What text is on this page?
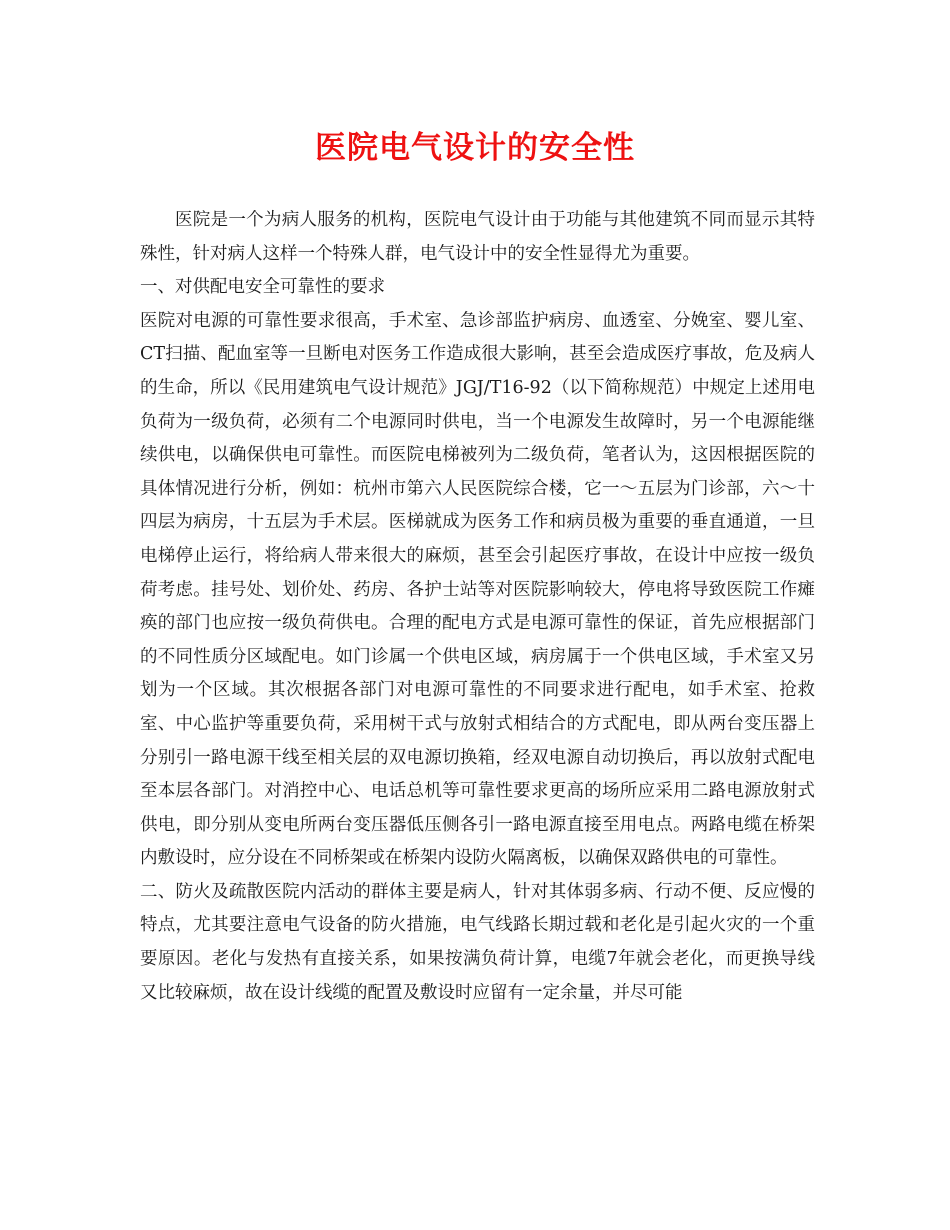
医院电气设计的安全性

医院是一个为病人服务的机构，医院电气设计由于功能与其他建筑不同而显示其特殊性，针对病人这样一个特殊人群，电气设计中的安全性显得尤为重要。

一、对供配电安全可靠性的要求

医院对电源的可靠性要求很高，手术室、急诊部监护病房、血透室、分娩室、婴儿室、CT扫描、配血室等一旦断电对医务工作造成很大影响，甚至会造成医疗事故，危及病人的生命，所以《民用建筑电气设计规范》JGJ/T16-92（以下简称规范）中规定上述用电负荷为一级负荷，必须有二个电源同时供电，当一个电源发生故障时，另一个电源能继续供电，以确保供电可靠性。而医院电梯被列为二级负荷，笔者认为，这因根据医院的具体情况进行分析，例如：杭州市第六人民医院综合楼，它一～五层为门诊部，六～十四层为病房，十五层为手术层。医梯就成为医务工作和病员极为重要的垂直通道，一旦电梯停止运行，将给病人带来很大的麻烦，甚至会引起医疗事故，在设计中应按一级负荷考虑。挂号处、划价处、药房、各护士站等对医院影响较大，停电将导致医院工作瘫痪的部门也应按一级负荷供电。合理的配电方式是电源可靠性的保证，首先应根据部门的不同性质分区域配电。如门诊属一个供电区域，病房属于一个供电区域，手术室又另划为一个区域。其次根据各部门对电源可靠性的不同要求进行配电，如手术室、抢救室、中心监护等重要负荷，采用树干式与放射式相结合的方式配电，即从两台变压器上分别引一路电源干线至相关层的双电源切换箱，经双电源自动切换后，再以放射式配电至本层各部门。对消控中心、电话总机等可靠性要求更高的场所应采用二路电源放射式供电，即分别从变电所两台变压器低压侧各引一路电源直接至用电点。两路电缆在桥架内敷设时，应分设在不同桥架或在桥架内设防火隔离板，以确保双路供电的可靠性。

二、防火及疏散医院内活动的群体主要是病人，针对其体弱多病、行动不便、反应慢的特点，尤其要注意电气设备的防火措施，电气线路长期过载和老化是引起火灾的一个重要原因。老化与发热有直接关系，如果按满负荷计算，电缆7年就会老化，而更换导线又比较麻烦，故在设计线缆的配置及敷设时应留有一定余量，并尽可能
